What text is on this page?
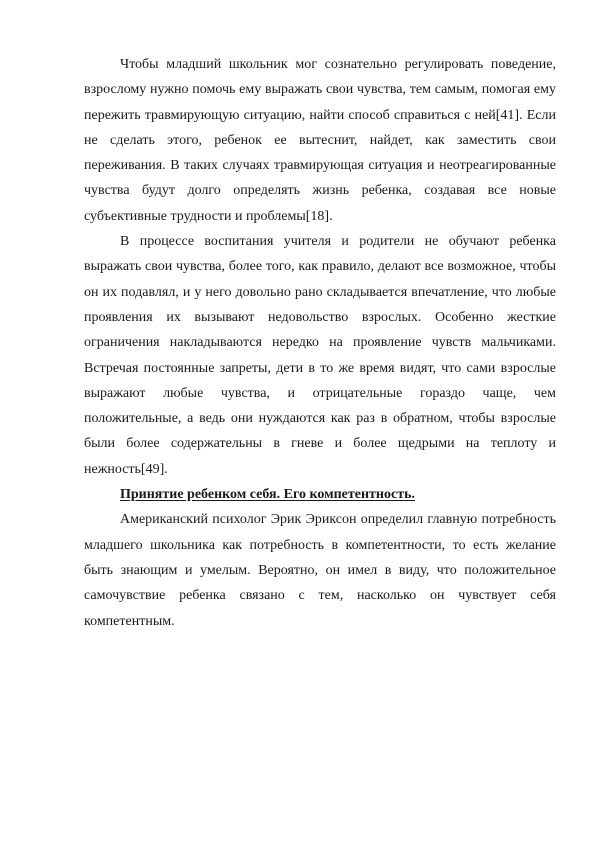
Чтобы младший школьник мог сознательно регулировать поведение, взрослому нужно помочь ему выражать свои чувства, тем самым, помогая ему пережить травмирующую ситуацию, найти способ справиться с ней[41]. Если не сделать этого, ребенок ее вытеснит, найдет, как заместить свои переживания. В таких случаях травмирующая ситуация и неотреагированные чувства будут долго определять жизнь ребенка, создавая все новые субъективные трудности и проблемы[18].

В процессе воспитания учителя и родители не обучают ребенка выражать свои чувства, более того, как правило, делают все возможное, чтобы он их подавлял, и у него довольно рано складывается впечатление, что любые проявления их вызывают недовольство взрослых. Особенно жесткие ограничения накладываются нередко на проявление чувств мальчиками. Встречая постоянные запреты, дети в то же время видят, что сами взрослые выражают любые чувства, и отрицательные гораздо чаще, чем положительные, а ведь они нуждаются как раз в обратном, чтобы взрослые были более содержательны в гневе и более щедрыми на теплоту и нежность[49].

Принятие ребенком себя. Его компетентность.

Американский психолог Эрик Эриксон определил главную потребность младшего школьника как потребность в компетентности, то есть желание быть знающим и умелым. Вероятно, он имел в виду, что положительное самочувствие ребенка связано с тем, насколько он чувствует себя компетентным.
